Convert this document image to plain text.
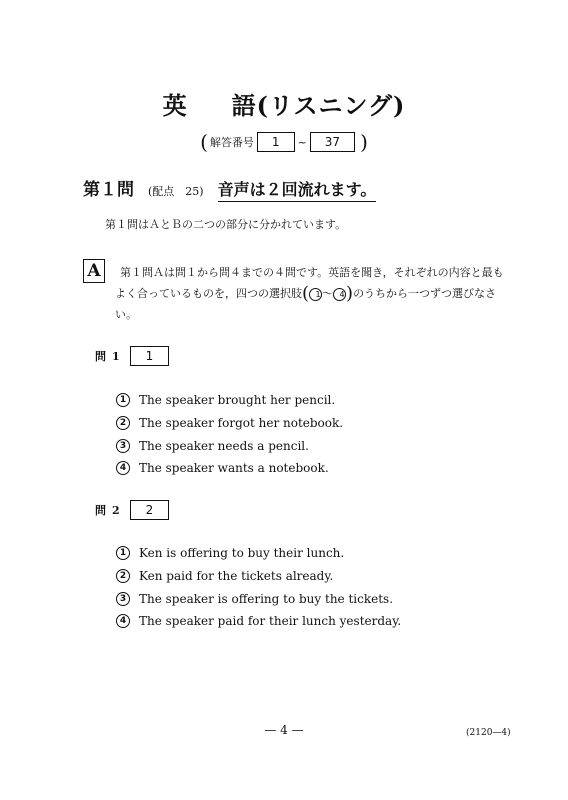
英 語(リスニング)
( 解答番号	1	~	37	)
第１問 (配点　25) 音声は２回流れます。
第１問はＡとＢの二つの部分に分かれています。
A	第１問Ａは問１から問４までの４問です。英語を聞き，それぞれの内容と最もよく合っているものを，四つの選択肢( 1～ 4)のうちから一つずつ選びなさい。
問 1	1
1	The speaker brought her pencil.
2	The speaker forgot her notebook.
3	The speaker needs a pencil.
4	The speaker wants a notebook.
問 2	2
1	Ken is offering to buy their lunch.
2	Ken paid for the tickets already.
3	The speaker is offering to buy the tickets.
4	The speaker paid for their lunch yesterday.
— 4 —	(2120—4)
